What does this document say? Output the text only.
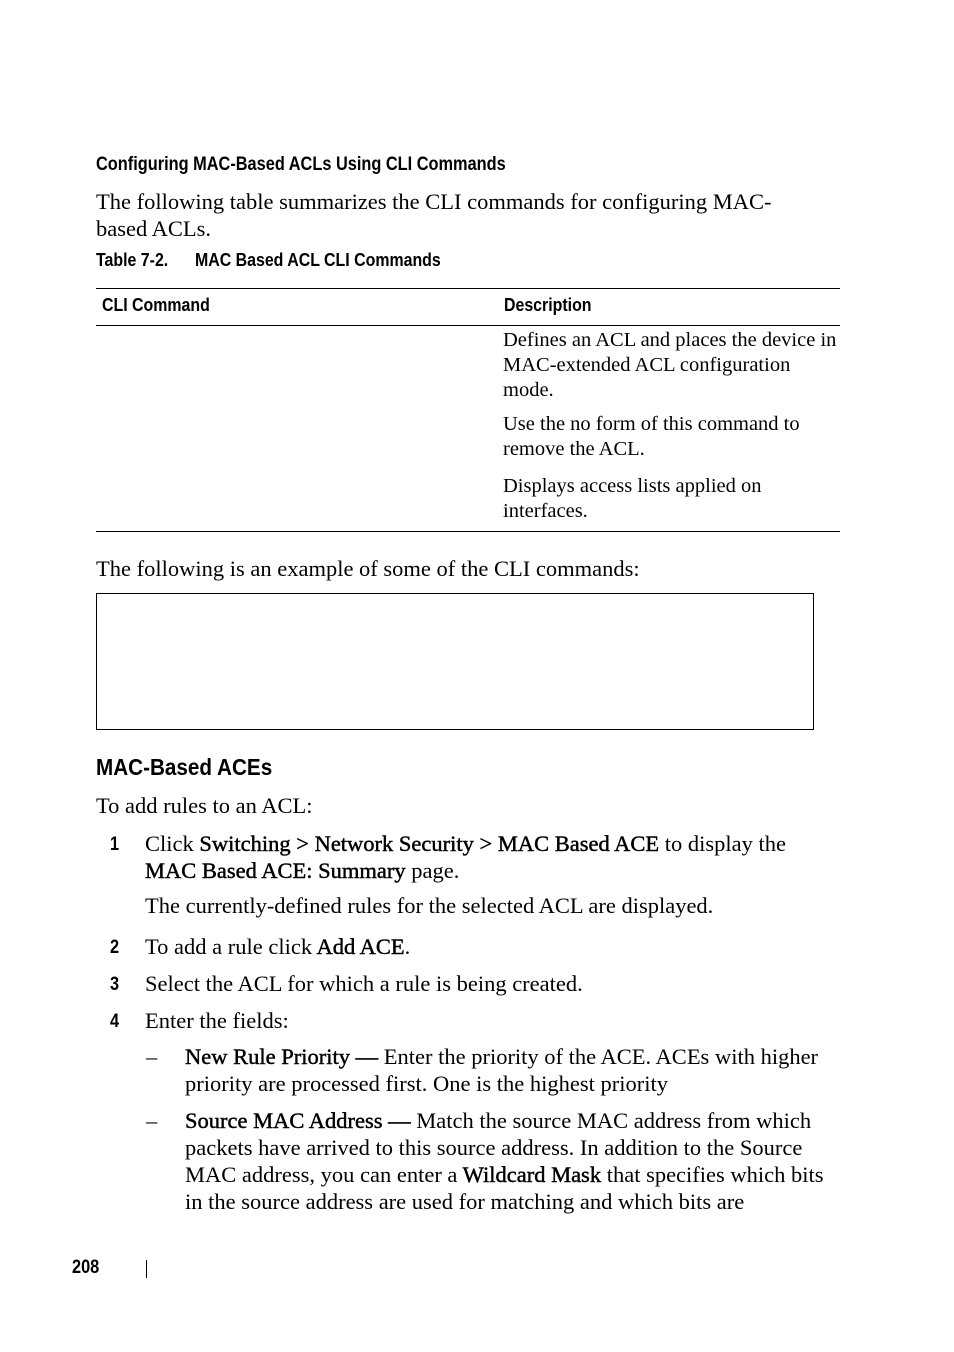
Configuring MAC-Based ACLs Using CLI Commands

The following table summarizes the CLI commands for configuring MAC-based ACLs.

Table 7-2. MAC Based ACL CLI Commands
CLI Command	Description
Defines an ACL and places the device in MAC-extended ACL configuration mode.
Use the no form of this command to remove the ACL.
Displays access lists applied on interfaces.

The following is an example of some of the CLI commands:

MAC-Based ACEs

To add rules to an ACL:

1 Click Switching > Network Security > MAC Based ACE to display the MAC Based ACE: Summary page.

The currently-defined rules for the selected ACL are displayed.

2 To add a rule click Add ACE.
3 Select the ACL for which a rule is being created.
4 Enter the fields:
– New Rule Priority — Enter the priority of the ACE. ACEs with higher priority are processed first. One is the highest priority
– Source MAC Address — Match the source MAC address from which packets have arrived to this source address. In addition to the Source MAC address, you can enter a Wildcard Mask that specifies which bits in the source address are used for matching and which bits are
208
